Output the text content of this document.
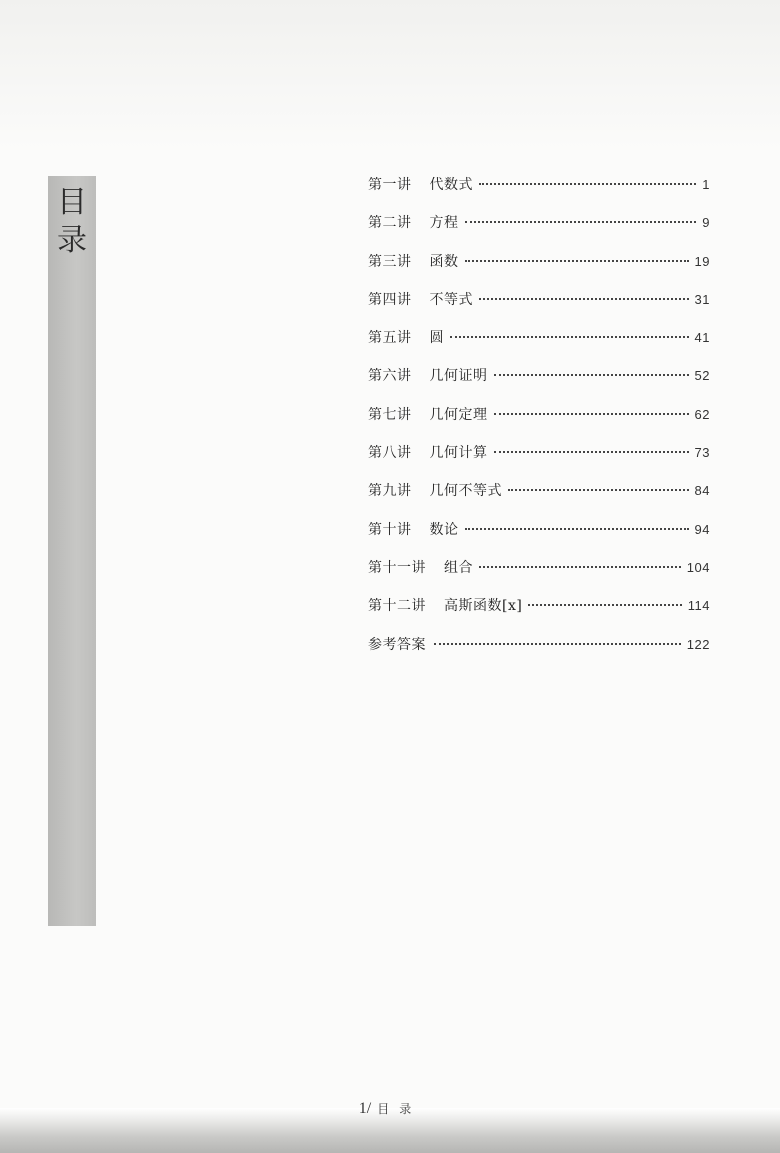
目
录
第一讲 代数式	1
第二讲 方程	9
第三讲 函数	19
第四讲 不等式	31
第五讲 圆	41
第六讲 几何证明	52
第七讲 几何定理	62
第八讲 几何计算	73
第九讲 几何不等式	84
第十讲 数论	94
第十一讲 组合	104
第十二讲 高斯函数[x]	114
参考答案	122
1/ 目录
